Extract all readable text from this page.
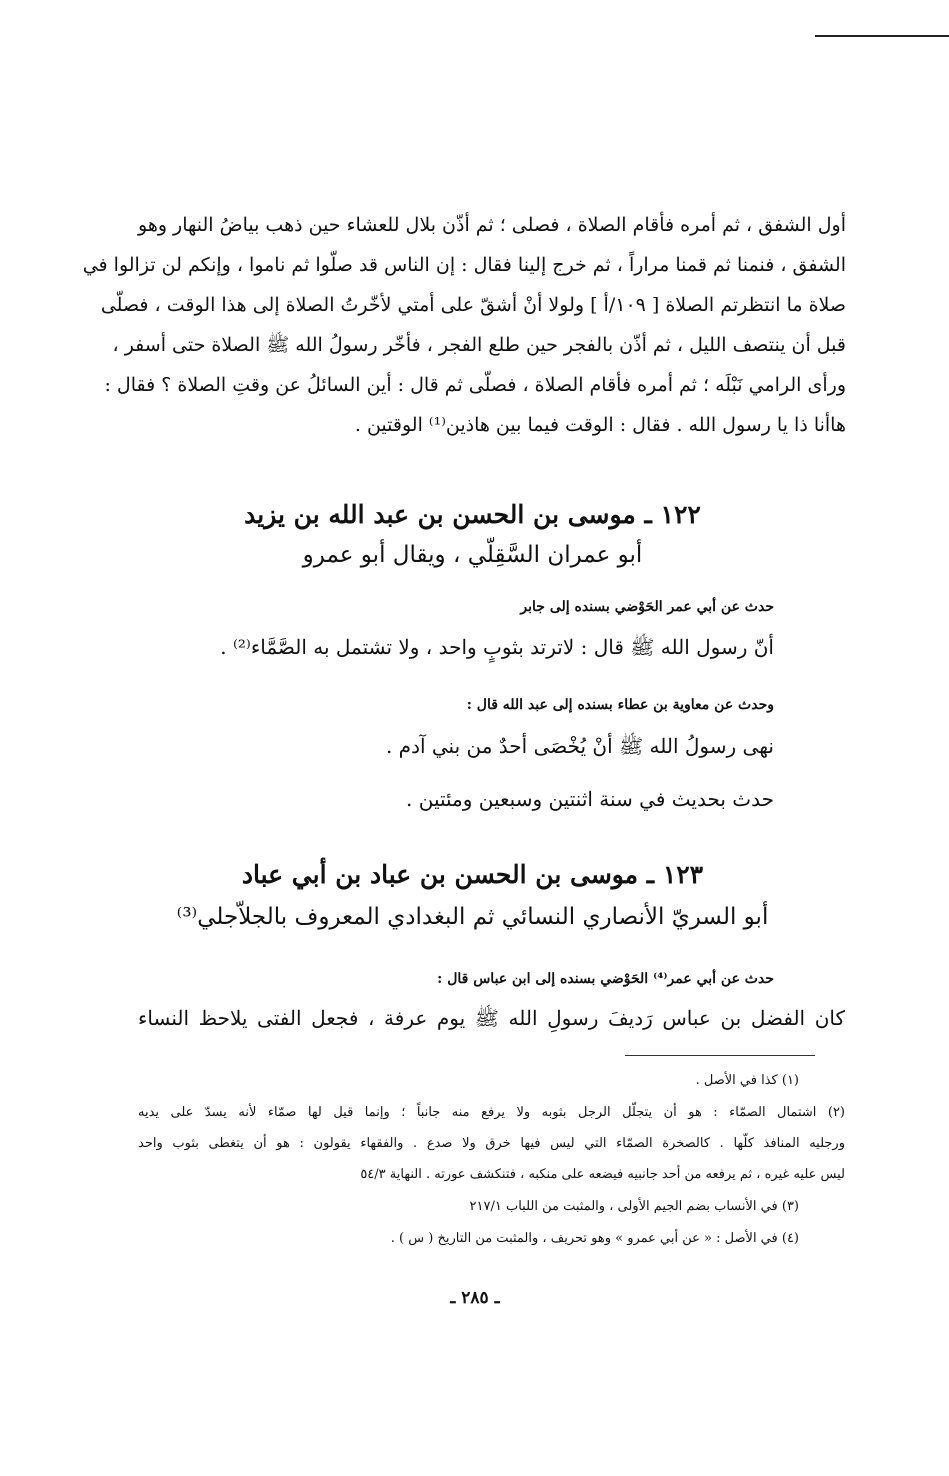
أول الشفق ، ثم أمره فأقام الصلاة ، فصلى ؛ ثم أذّن بلال للعشاء حين ذهب بياضُ النهار وهو
الشفق ، فنمنا ثم قمنا مراراً ، ثم خرج إلينا فقال : إن الناس قد صلّوا ثم ناموا ، وإنكم لن تزالوا في
صلاة ما انتظرتم الصلاة [ ١٠٩/أ ] ولولا أنْ أشقّ على أمتي لأخّرتُ الصلاة إلى هذا الوقت ، فصلّى
قبل أن ينتصف الليل ، ثم أذّن بالفجر حين طلع الفجر ، فأخّر رسولُ الله ﷺ الصلاة حتى أسفر ،
ورأى الرامي نَبْلَه ؛ ثم أمره فأقام الصلاة ، فصلّى ثم قال : أين السائلُ عن وقتِ الصلاة ؟ فقال :
هاأنا ذا يا رسول الله . فقال : الوقت فيما بين هاذين⁽¹⁾ الوقتين .

١٢٢ ـ موسى بن الحسن بن عبد الله بن يزيد

أبو عمران السَّقِلّي ، ويقال أبو عمرو

حدث عن أبي عمر الحَوْضي بسنده إلى جابر

أنّ رسول الله ﷺ قال : لاترتد بثوبٍ واحد ، ولا تشتمل به الصَّمَّاء⁽²⁾ .

وحدث عن معاوية بن عطاء بسنده إلى عبد الله قال :

نهى رسولُ الله ﷺ أنْ يُخْصَى أحدٌ من بني آدم .

حدث بحديث في سنة اثنتين وسبعين ومئتين .

١٢٣ ـ موسى بن الحسن بن عباد بن أبي عباد

أبو السريّ الأنصاري النسائي ثم البغدادي المعروف بالجلاّجلي⁽³⁾

حدث عن أبي عمر⁽⁴⁾ الحَوْضي بسنده إلى ابن عباس قال :

كان الفضل بن عباس رَديفَ رسولِ الله ﷺ يوم عرفة ، فجعل الفتى يلاحظ النساء

(١) كذا في الأصل .

(٢) اشتمال الصمّاء : هو أن يتجلّل الرجل بثوبه ولا يرفع منه جانباً ؛ وإنما قيل لها صمّاء لأنه يسدّ على يديه

ورجليه المنافذ كلّها . كالصخرة الصمّاء التي ليس فيها خرق ولا صدع . والفقهاء يقولون : هو أن يتغطى بثوب واحد

ليس عليه غيره ، ثم يرفعه من أحد جانبيه فيضعه على منكبه ، فتنكشف عورته . النهاية ٥٤/٣

(٣) في الأنساب بضم الجيم الأولى ، والمثبت من اللباب ٢١٧/١

(٤) في الأصل : « عن أبي عمرو » وهو تحريف ، والمثبت من التاريخ ( س ) .

ـ ٢٨٥ ـ
